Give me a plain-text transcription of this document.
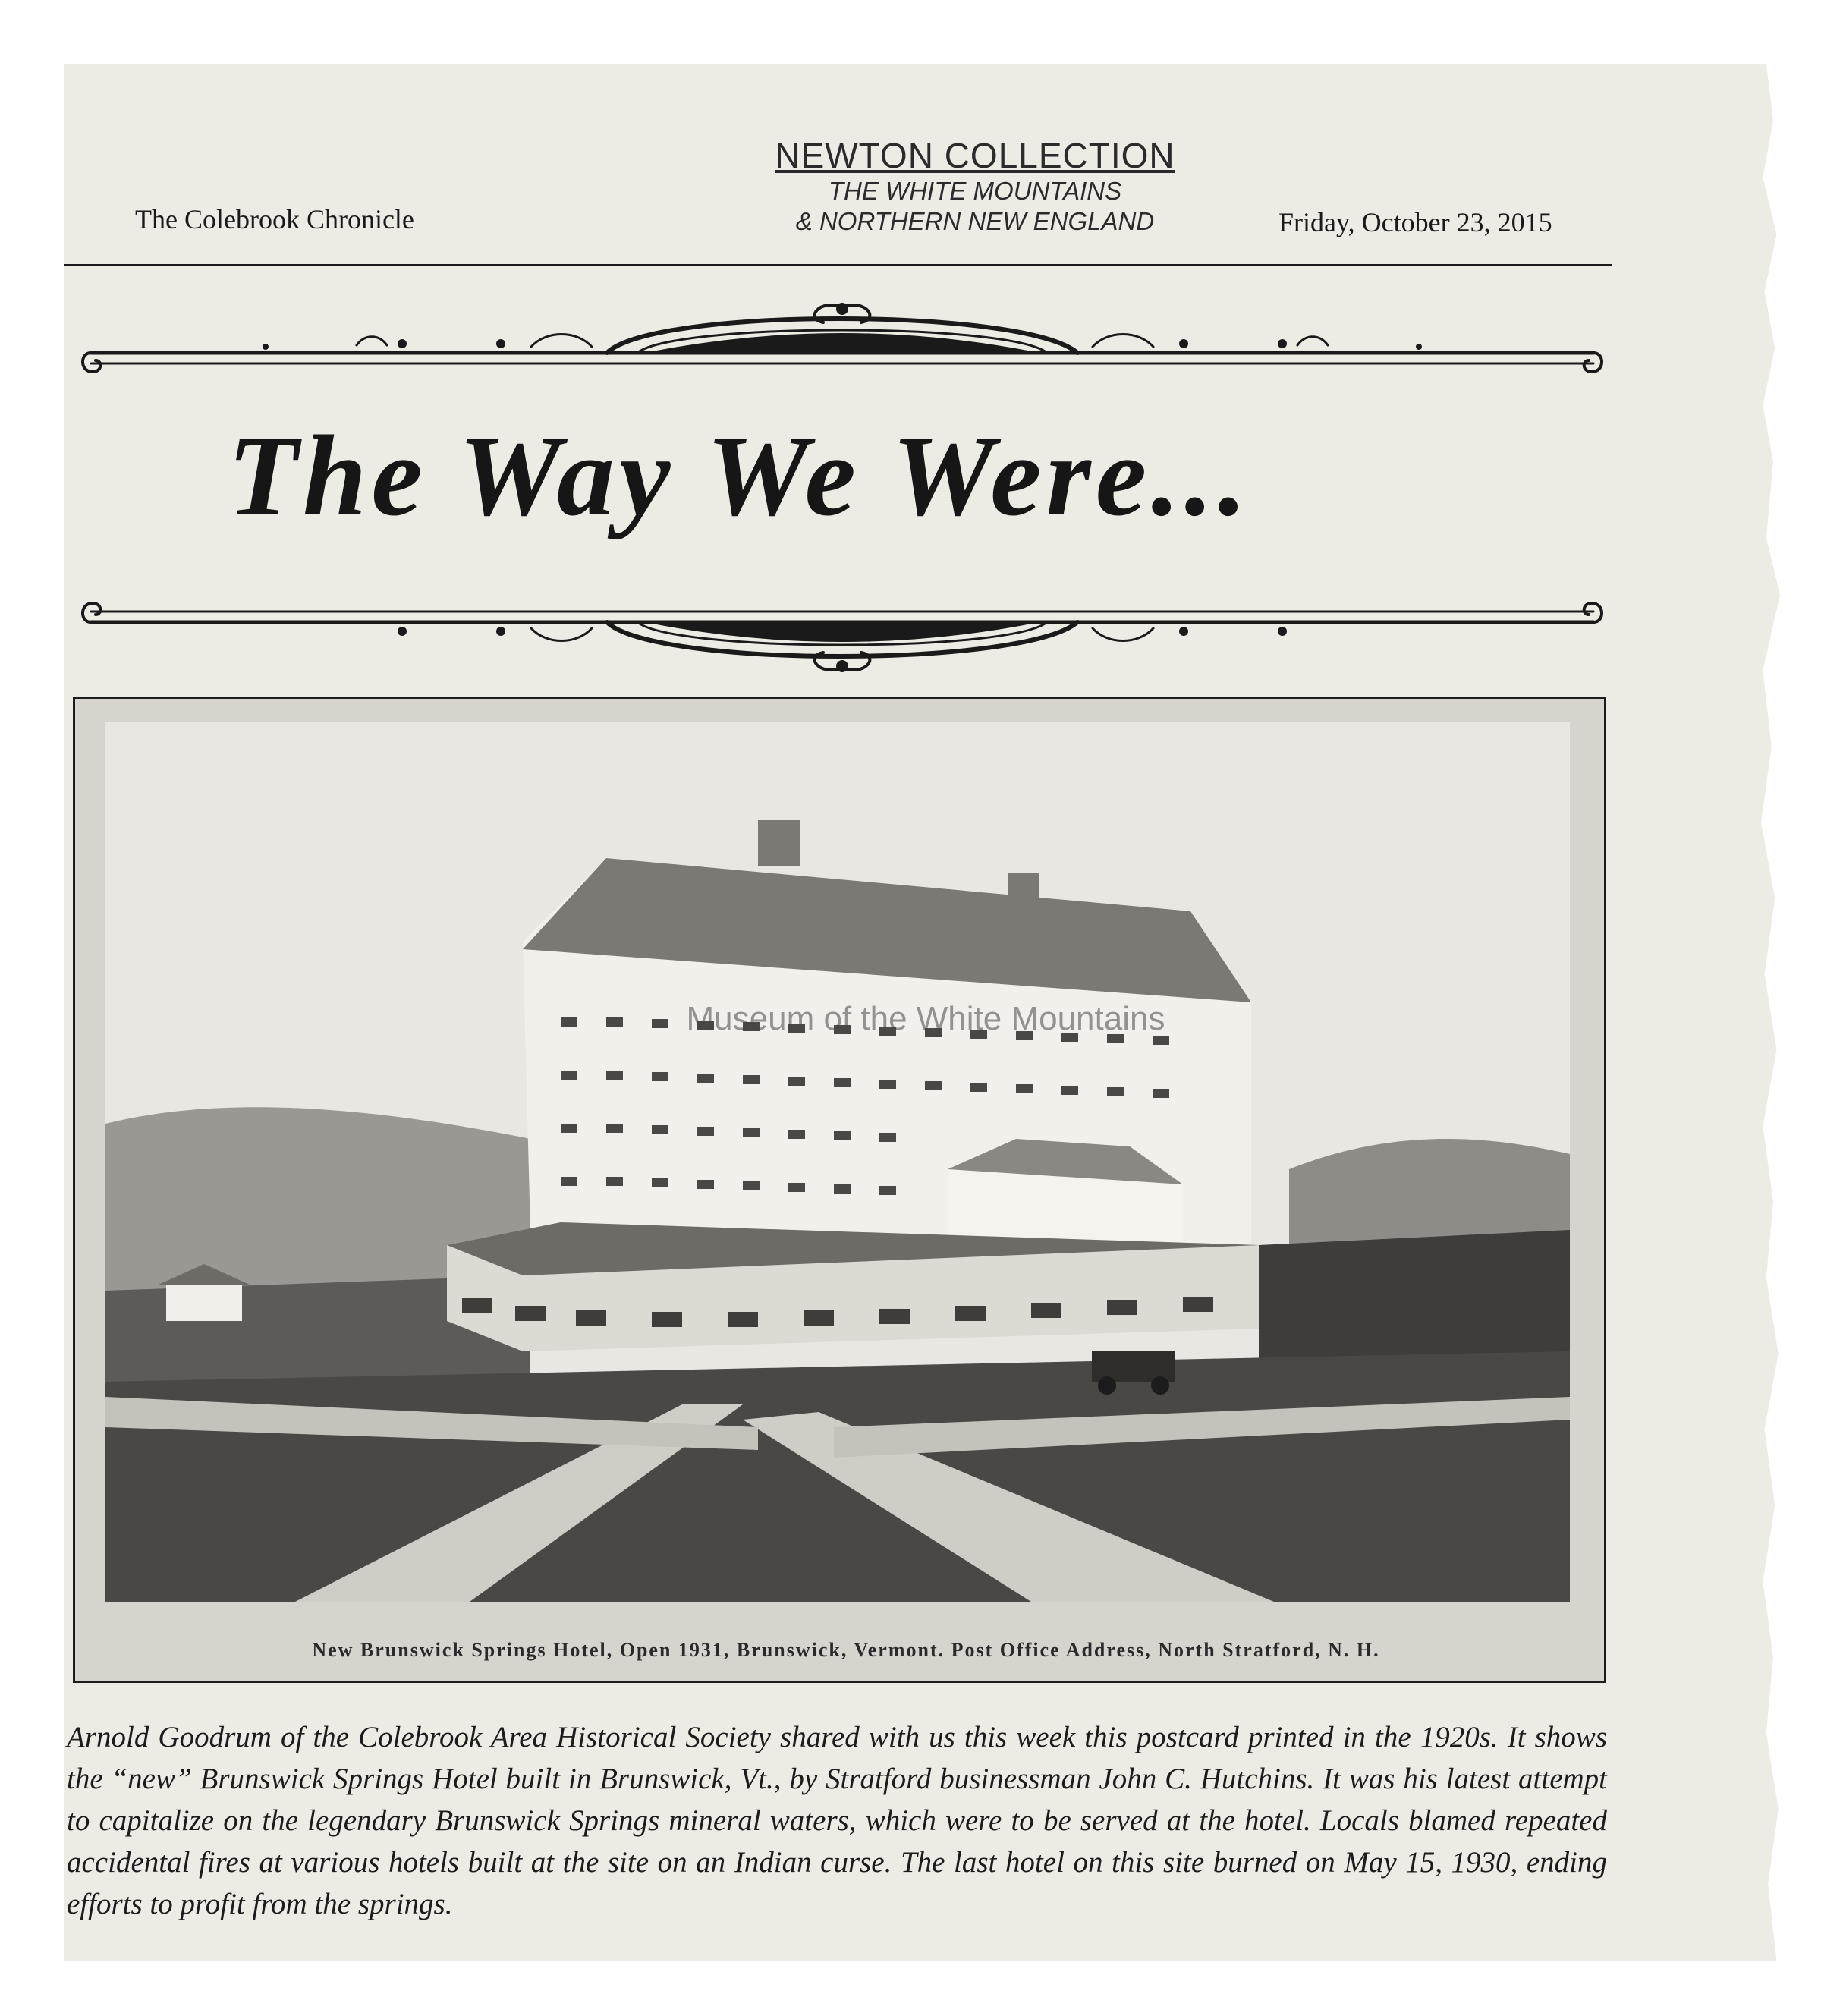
The Colebrook Chronicle
NEWTON COLLECTION
THE WHITE MOUNTAINS
& NORTHERN NEW ENGLAND	Friday, October 23, 2015
The Way We Were...
Museum of the White Mountains
New Brunswick Springs Hotel, Open 1931, Brunswick, Vermont. Post Office Address, North Stratford, N. H.
Arnold Goodrum of the Colebrook Area Historical Society shared with us this week this postcard printed in the 1920s. It shows the “new” Brunswick Springs Hotel built in Brunswick, Vt., by Stratford businessman John C. Hutchins. It was his latest attempt to capitalize on the legendary Brunswick Springs mineral waters, which were to be served at the hotel. Locals blamed repeated accidental fires at various hotels built at the site on an Indian curse. The last hotel on this site burned on May 15, 1930, ending efforts to profit from the springs.
